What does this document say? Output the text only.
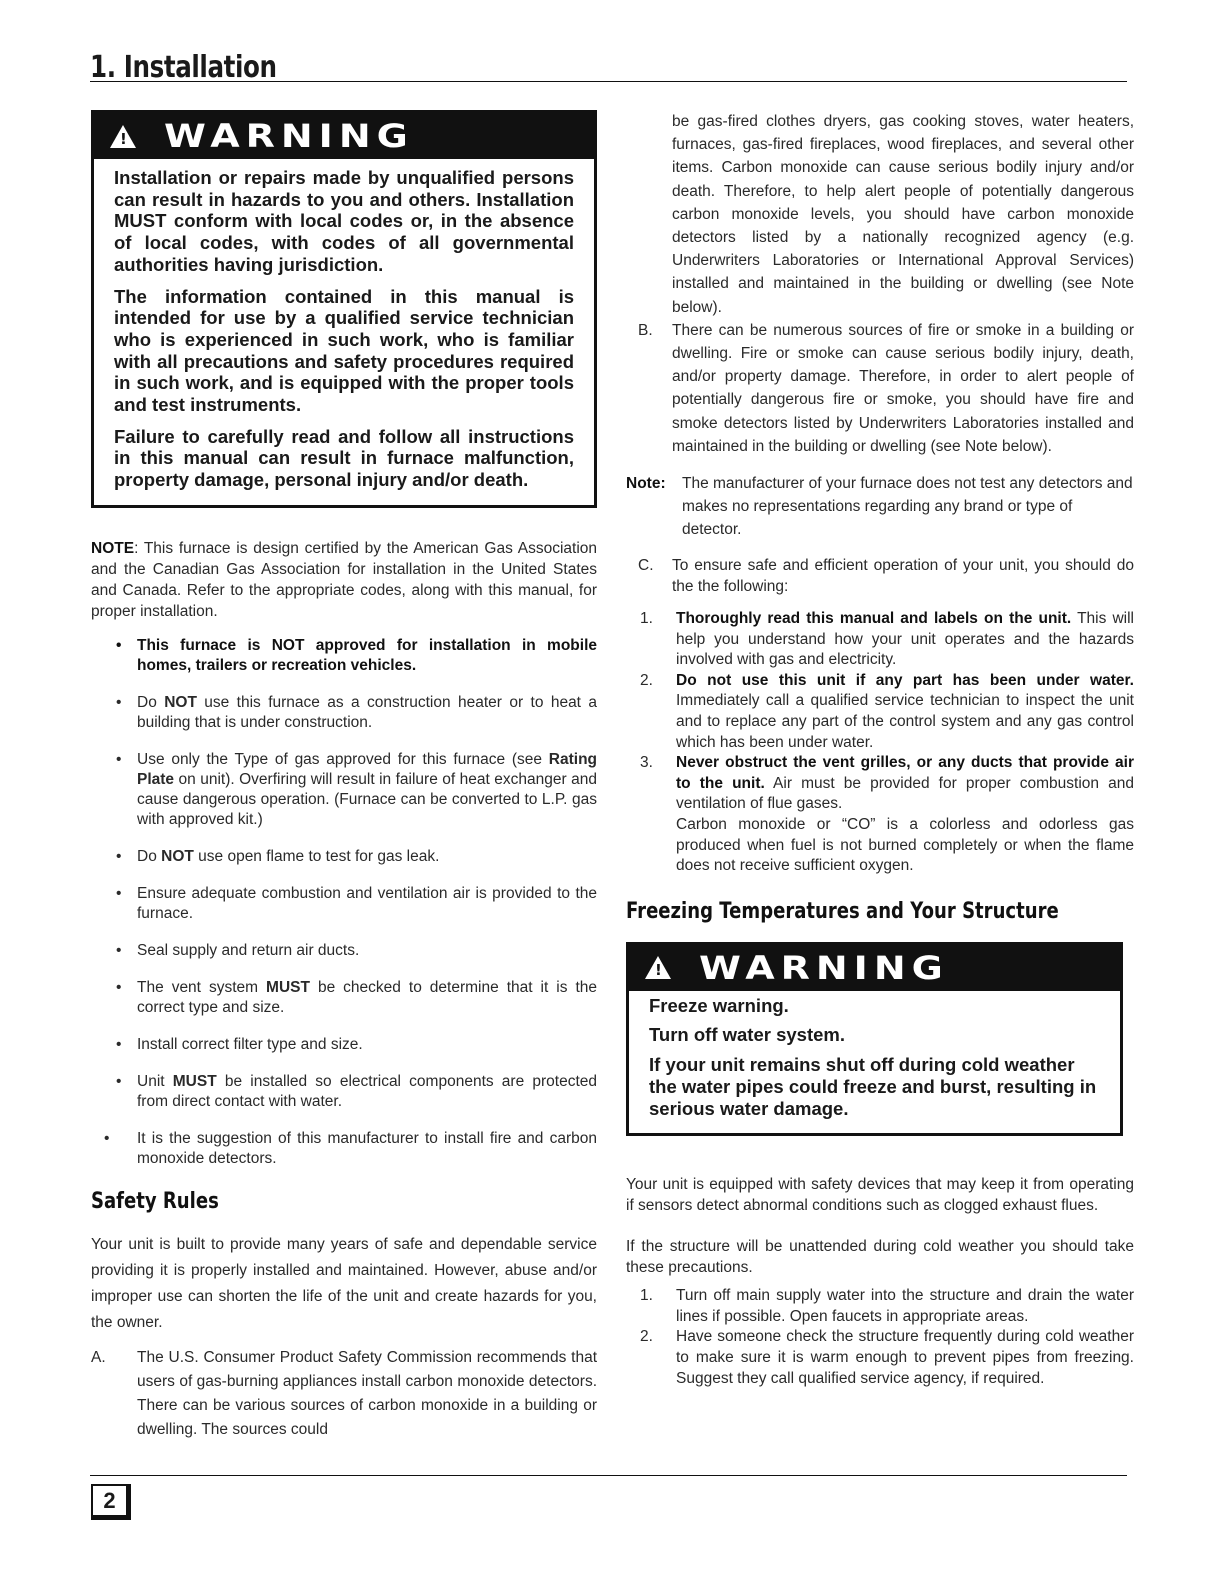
1. Installation
!
WARNING

Installation or repairs made by unqualified persons can result in hazards to you and others. Installation MUST conform with local codes or, in the absence of local codes, with codes of all governmental authorities having jurisdiction.

The information contained in this manual is intended for use by a qualified service technician who is experienced in such work, who is familiar with all precautions and safety procedures required in such work, and is equipped with the proper tools and test instruments.

Failure to carefully read and follow all instructions in this manual can result in furnace malfunction, property damage, personal injury and/or death.

NOTE: This furnace is design certified by the American Gas Association and the Canadian Gas Association for installation in the United States and Canada. Refer to the appropriate codes, along with this manual, for proper installation.

• This furnace is NOT approved for installation in mobile homes, trailers or recreation vehicles.
• Do NOT use this furnace as a construction heater or to heat a building that is under construction.
• Use only the Type of gas approved for this furnace (see Rating Plate on unit). Overfiring will result in failure of heat exchanger and cause dangerous operation. (Furnace can be converted to L.P. gas with approved kit.)
• Do NOT use open flame to test for gas leak.
• Ensure adequate combustion and ventilation air is provided to the furnace.
• Seal supply and return air ducts.
• The vent system MUST be checked to determine that it is the correct type and size.
• Install correct filter type and size.
• Unit MUST be installed so electrical components are protected from direct contact with water.
• It is the suggestion of this manufacturer to install fire and carbon monoxide detectors.
Safety Rules

Your unit is built to provide many years of safe and dependable service providing it is properly installed and maintained. However, abuse and/or improper use can shorten the life of the unit and create hazards for you, the owner.

A. The U.S. Consumer Product Safety Commission recommends that users of gas-burning appliances install carbon monoxide detectors. There can be various sources of carbon monoxide in a building or dwelling. The sources could
be gas-fired clothes dryers, gas cooking stoves, water heaters, furnaces, gas-fired fireplaces, wood fireplaces, and several other items. Carbon monoxide can cause serious bodily injury and/or death. Therefore, to help alert people of potentially dangerous carbon monoxide levels, you should have carbon monoxide detectors listed by a nationally recognized agency (e.g. Underwriters Laboratories or International Approval Services) installed and maintained in the building or dwelling (see Note below).
B. There can be numerous sources of fire or smoke in a building or dwelling. Fire or smoke can cause serious bodily injury, death, and/or property damage. Therefore, in order to alert people of potentially dangerous fire or smoke, you should have fire and smoke detectors listed by Underwriters Laboratories installed and maintained in the building or dwelling (see Note below).
Note: The manufacturer of your furnace does not test any detectors and makes no representations regarding any brand or type of detector.
C. To ensure safe and efficient operation of your unit, you should do the the following:
1. Thoroughly read this manual and labels on the unit. This will help you understand how your unit operates and the hazards involved with gas and electricity.
2. Do not use this unit if any part has been under water. Immediately call a qualified service technician to inspect the unit and to replace any part of the control system and any gas control which has been under water.
3. Never obstruct the vent grilles, or any ducts that provide air to the unit. Air must be provided for proper combustion and ventilation of flue gases.
Carbon monoxide or “CO” is a colorless and odorless gas produced when fuel is not burned completely or when the flame does not receive sufficient oxygen.
Freezing Temperatures and Your Structure
!
WARNING

Freeze warning.

Turn off water system.

If your unit remains shut off during cold weather the water pipes could freeze and burst, resulting in serious water damage.

Your unit is equipped with safety devices that may keep it from operating if sensors detect abnormal conditions such as clogged exhaust flues.

If the structure will be unattended during cold weather you should take these precautions.

1. Turn off main supply water into the structure and drain the water lines if possible. Open faucets in appropriate areas.
2. Have someone check the structure frequently during cold weather to make sure it is warm enough to prevent pipes from freezing. Suggest they call qualified service agency, if required.
2
